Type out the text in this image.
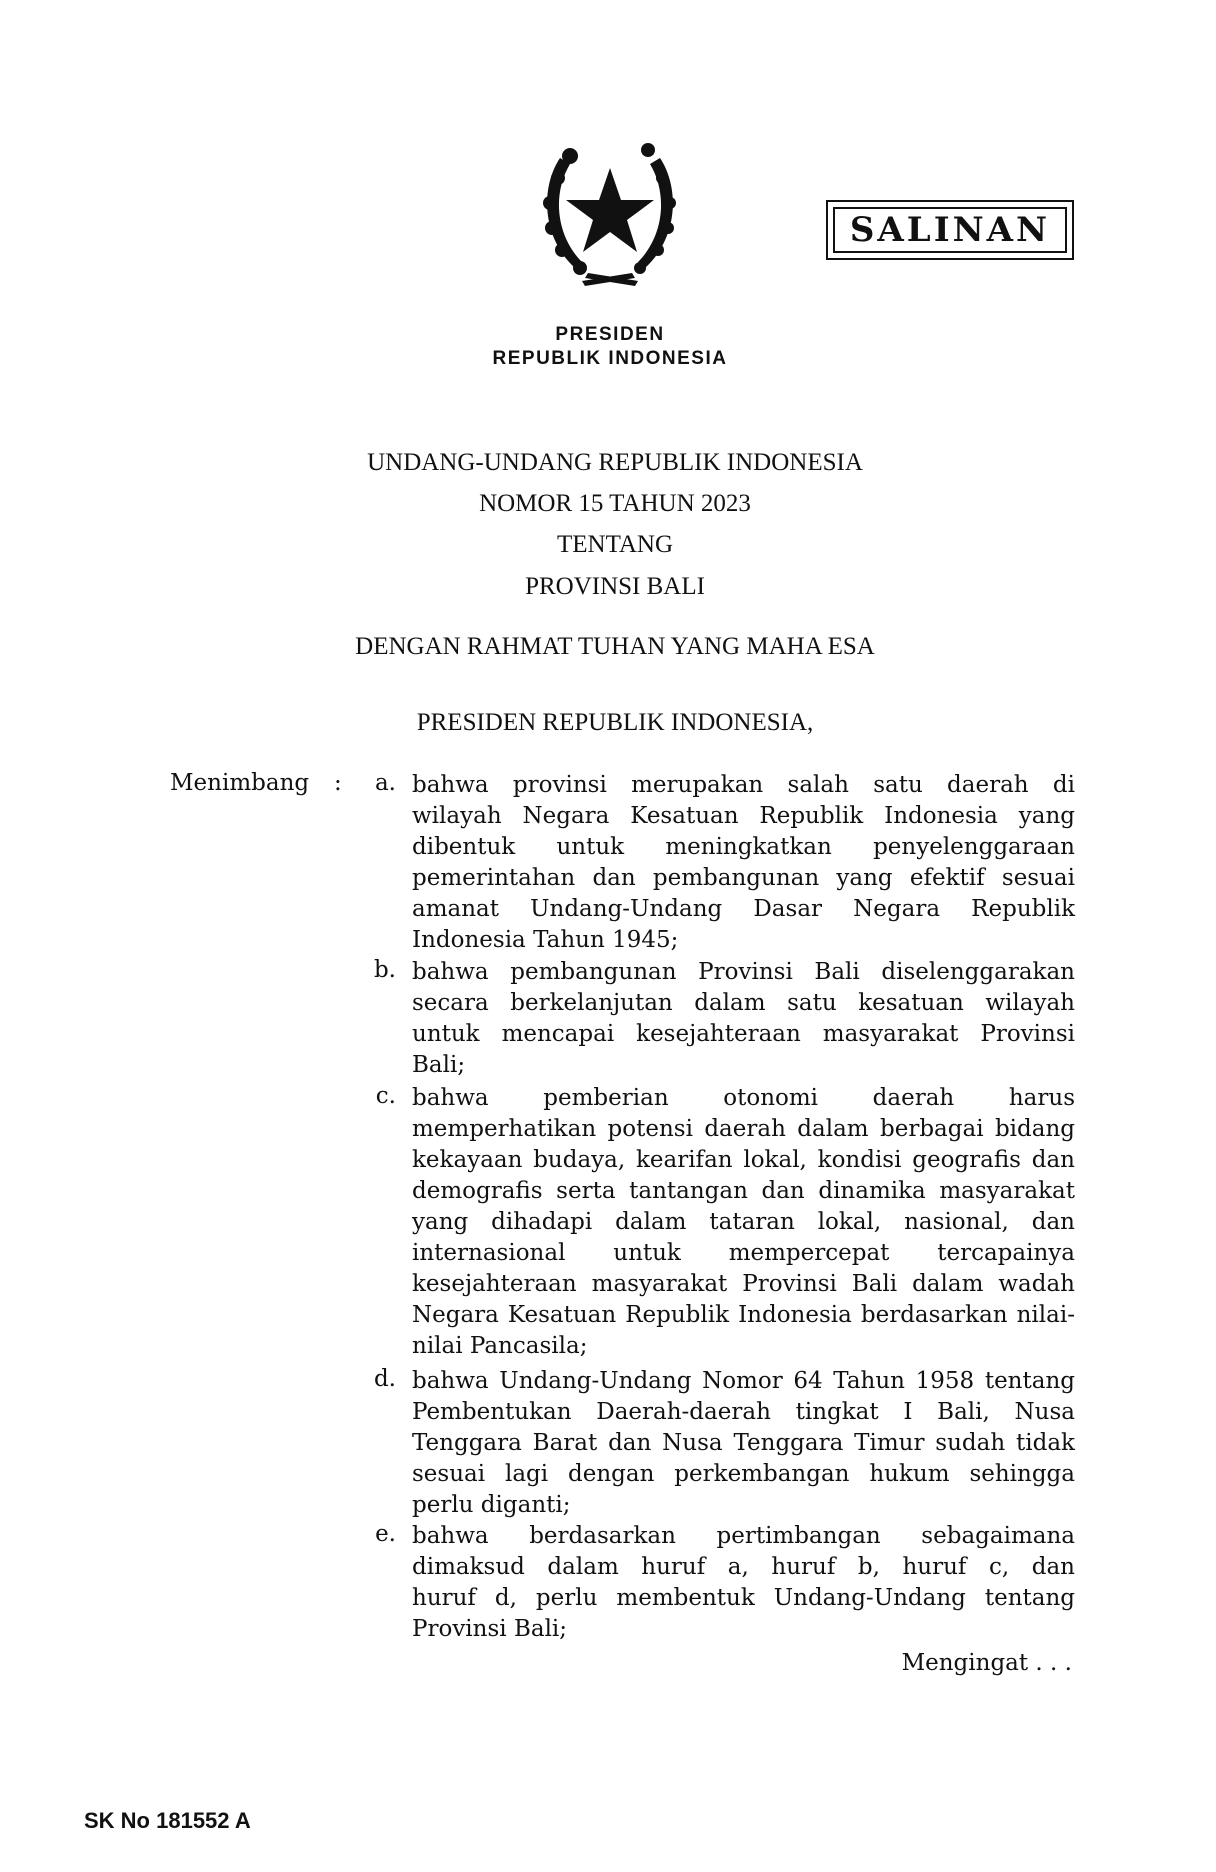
PRESIDEN
REPUBLIK INDONESIA
SALINAN
UNDANG-UNDANG REPUBLIK INDONESIA
NOMOR 15 TAHUN 2023
TENTANG
PROVINSI BALI
DENGAN RAHMAT TUHAN YANG MAHA ESA
PRESIDEN REPUBLIK INDONESIA,
Menimbang :	a. bahwa provinsi merupakan salah satu daerah di
wilayah Negara Kesatuan Republik Indonesia yang
dibentuk untuk meningkatkan penyelenggaraan
pemerintahan dan pembangunan yang efektif sesuai
amanat Undang-Undang Dasar Negara Republik
Indonesia Tahun 1945;
b. bahwa pembangunan Provinsi Bali diselenggarakan
secara berkelanjutan dalam satu kesatuan wilayah
untuk mencapai kesejahteraan masyarakat Provinsi
Bali;
c. bahwa pemberian otonomi daerah harus
memperhatikan potensi daerah dalam berbagai bidang
kekayaan budaya, kearifan lokal, kondisi geografis dan
demografis serta tantangan dan dinamika masyarakat
yang dihadapi dalam tataran lokal, nasional, dan
internasional untuk mempercepat tercapainya
kesejahteraan masyarakat Provinsi Bali dalam wadah
Negara Kesatuan Republik Indonesia berdasarkan nilai-
nilai Pancasila;
d. bahwa Undang-Undang Nomor 64 Tahun 1958 tentang
Pembentukan Daerah-daerah tingkat I Bali, Nusa
Tenggara Barat dan Nusa Tenggara Timur sudah tidak
sesuai lagi dengan perkembangan hukum sehingga
perlu diganti;
e. bahwa berdasarkan pertimbangan sebagaimana
dimaksud dalam huruf a, huruf b, huruf c, dan
huruf d, perlu membentuk Undang-Undang tentang
Provinsi Bali;
Mengingat . . .
SK No 181552 A
